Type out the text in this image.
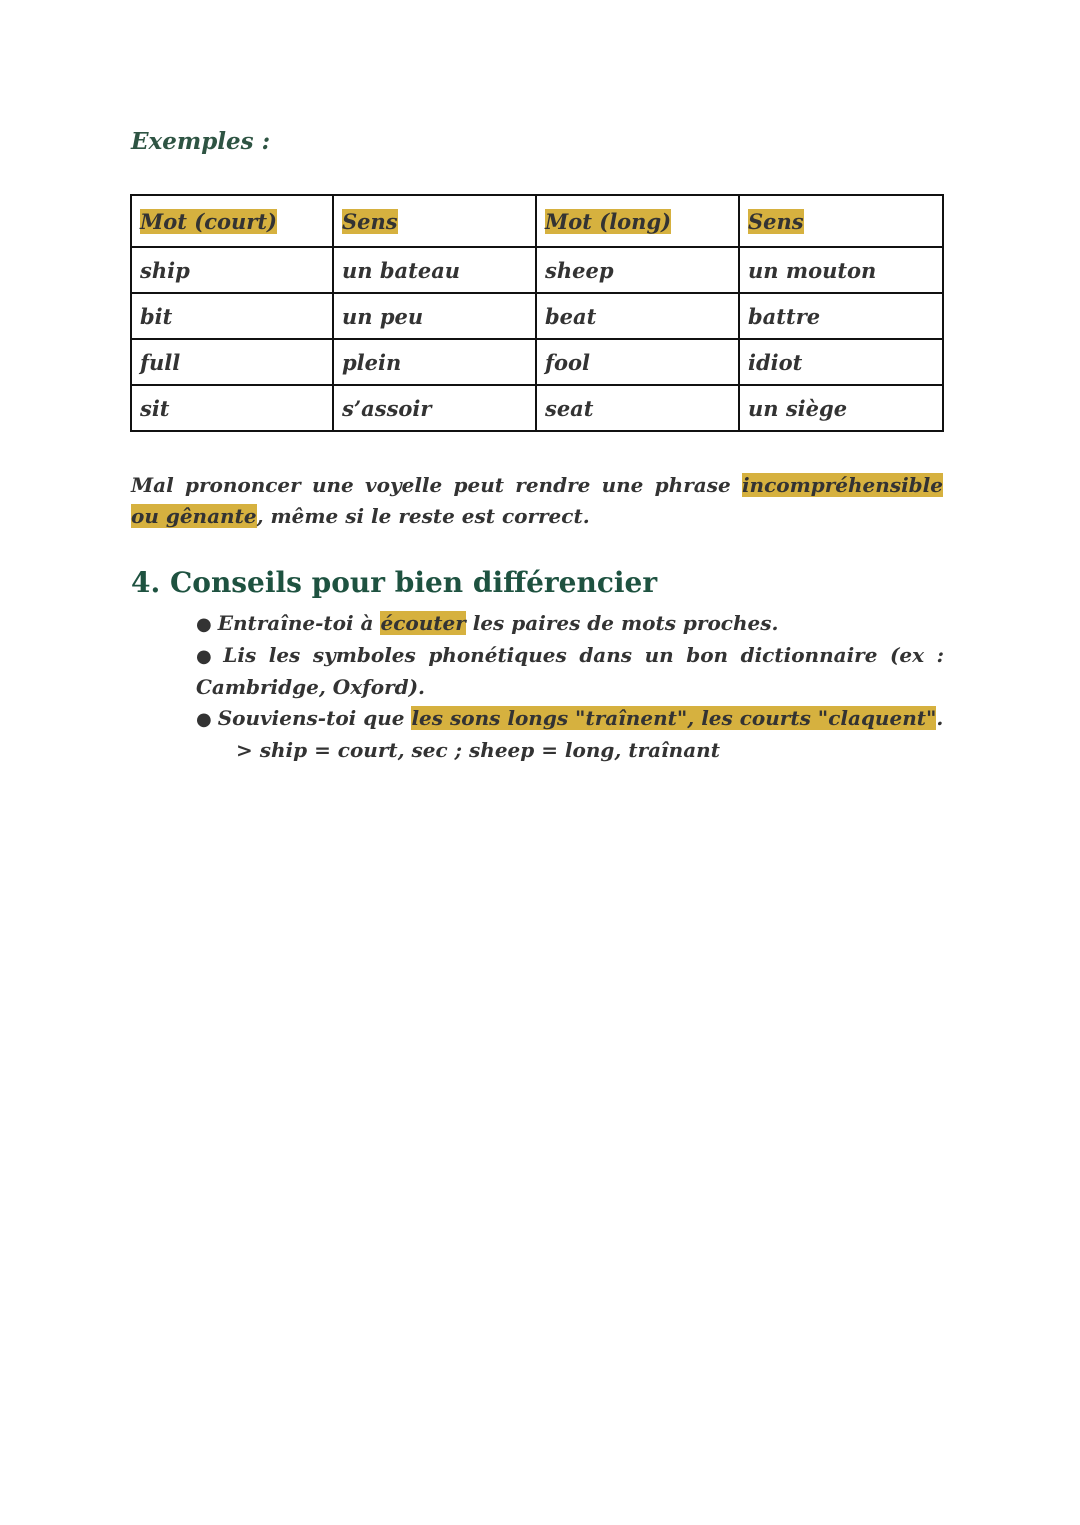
Exemples :
Mot (court)	Sens	Mot (long)	Sens
ship	un bateau	sheep	un mouton
bit	un peu	beat	battre
full	plein	fool	idiot
sit	s’assoir	seat	un siège

Mal prononcer une voyelle peut rendre une phrase incompréhensible ou gênante, même si le reste est correct.

4. Conseils pour bien différencier
● Entraîne-toi à écouter les paires de mots proches.
● Lis les symboles phonétiques dans un bon dictionnaire (ex : Cambridge, Oxford).
● Souviens-toi que les sons longs "traînent", les courts "claquent".
> ship = court, sec ; sheep = long, traînant
